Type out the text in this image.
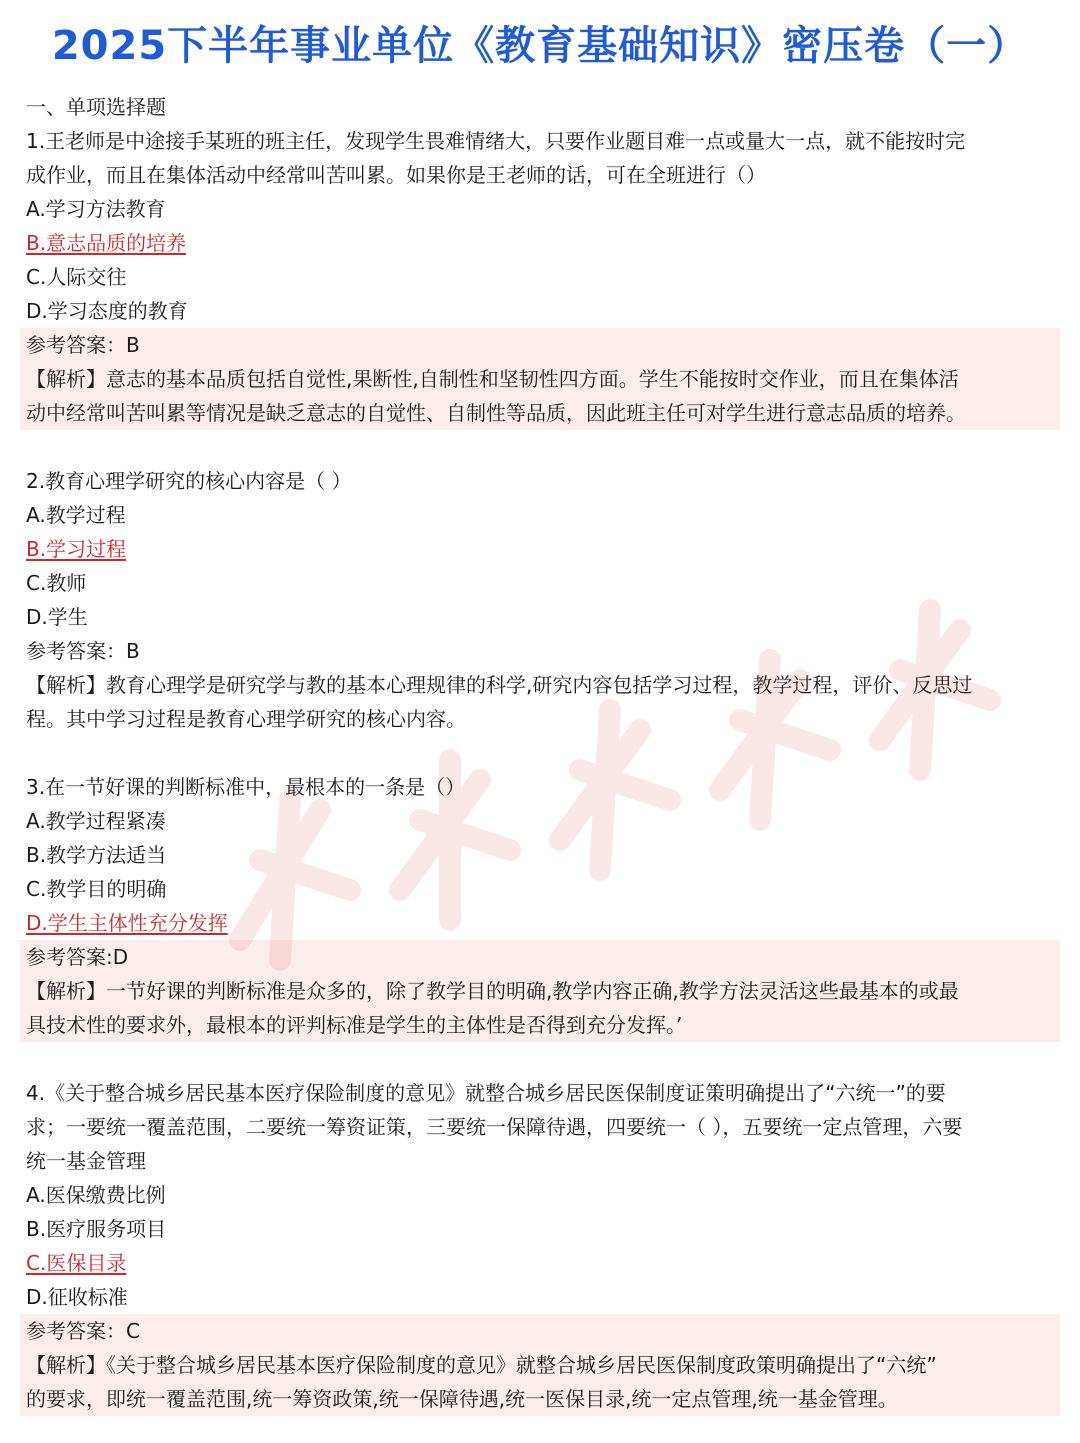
2025下半年事业单位《教育基础知识》密压卷（一）
一、单项选择题
1.王老师是中途接手某班的班主任，发现学生畏难情绪大，只要作业题目难一点或量大一点，就不能按时完
成作业，而且在集体活动中经常叫苦叫累。如果你是王老师的话，可在全班进行（）
A.学习方法教育
B.意志品质的培养
C.人际交往
D.学习态度的教育
参考答案：B
【解析】意志的基本品质包括自觉性,果断性,自制性和坚韧性四方面。学生不能按时交作业，而且在集体活
动中经常叫苦叫累等情况是缺乏意志的自觉性、自制性等品质，因此班主任可对学生进行意志品质的培养。
2.教育心理学研究的核心内容是（ ）
A.教学过程
B.学习过程
C.教师
D.学生
参考答案：B
【解析】教育心理学是研究学与教的基本心理规律的科学,研究内容包括学习过程，教学过程，评价、反思过
程。其中学习过程是教育心理学研究的核心内容。
3.在一节好课的判断标准中，最根本的一条是（）
A.教学过程紧凑
B.教学方法适当
C.教学目的明确
D.学生主体性充分发挥
参考答案:D
【解析】一节好课的判断标准是众多的，除了教学目的明确,教学内容正确,教学方法灵活这些最基本的或最
具技术性的要求外，最根本的评判标准是学生的主体性是否得到充分发挥。’
4.《关于整合城乡居民基本医疗保险制度的意见》就整合城乡居民医保制度证策明确提出了“六统一”的要
求；一要统一覆盖范围，二要统一筹资证策，三要统一保障待遇，四要统一（ ），五要统一定点管理，六要
统一基金管理
A.医保缴费比例
B.医疗服务项目
C.医保目录
D.征收标准
参考答案：C
【解析】《关于整合城乡居民基本医疗保险制度的意见》就整合城乡居民医保制度政策明确提出了“六统”
的要求，即统一覆盖范围,统一筹资政策,统一保障待遇,统一医保目录,统一定点管理,统一基金管理。
